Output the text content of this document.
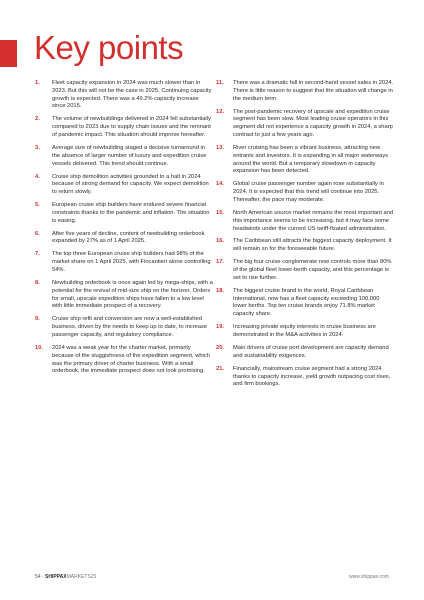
Key points
1.	Fleet capacity expansion in 2024 was much slower than in 2023. But this will not be the case in 2025. Continuing capacity growth is expected. There was a 49.2% capacity increase since 2015.
2.	The volume of newbuildings delivered in 2024 fell substantially compared to 2023 due to supply chain issues and the remnant of pandemic impact. This situation should improve hereafter.
3.	Average size of newbuilding staged a decisive turnaround in the absence of larger number of luxury and expedition cruise vessels delivered. This trend should continue.
4.	Cruise ship demolition activities grounded to a halt in 2024 because of strong demand for capacity. We expect demolition to return slowly.
5.	European cruise ship builders have endured severe financial constraints thanks to the pandemic and inflation. The situation is easing.
6.	After five years of decline, content of newbuilding orderbook expanded by 27% as of 1 April 2025.
7.	The top three European cruise ship builders had 98% of the market share on 1 April 2025, with Fincantieri alone controlling 54%.
8.	Newbuilding orderbook is once again led by mega-ships, with a potential for the revival of mid-size ship on the horizon. Orders for small, upscale expedition ships have fallen to a low level with little immediate prospect of a recovery.
9.	Cruise ship refit and conversion are now a well-established business, driven by the needs to keep up to date, to increase passenger capacity, and regulatory compliance.
10.	2024 was a weak year for the charter market, primarily because of the sluggishness of the expedition segment, which was the primary driver of charter business. With a small orderbook, the immediate prospect does not look promising.
11.	There was a dramatic fall in second-hand vessel sales in 2024. There is little reason to suggest that the situation will change in the medium term.
12.	The post-pandemic recovery of upscale and expedition cruise segment has been slow. Most leading cruise operators in this segment did not experience a capacity growth in 2024, a sharp contrast to just a few years ago.
13.	River cruising has been a vibrant business, attracting new entrants and investors. It is expanding in all major waterways around the world. But a temporary slowdown in capacity expansion has been detected.
14.	Global cruise passenger number again rose substantially in 2024. It is expected that this trend will continue into 2025. Thereafter, the pace may moderate.
15.	North American source market remains the most important and this importance seems to be increasing, but it may face some headwinds under the current US tariff-fixated administration.
16.	The Caribbean still attracts the biggest capacity deployment. It will remain so for the foreseeable future.
17.	The big four cruise conglomerate now controls more than 80% of the global fleet lower-berth capacity, and this percentage is set to rise further.
18.	The biggest cruise brand in the world, Royal Caribbean International, now has a fleet capacity exceeding 100,000 lower berths. Top ten cruise brands enjoy 71.8% market capacity share.
19.	Increasing private equity interests in cruise business are demonstrated in the M&A activities in 2024.
20.	Main drivers of cruise port development are capacity demand and sustainability exigences.
21.	Financially, mainstream cruise segment had a strong 2024 thanks to capacity increase, yield growth outpacing cost rises, and firm bookings.
54 · SHIPPAXMARKETS25	www.shippax.com
